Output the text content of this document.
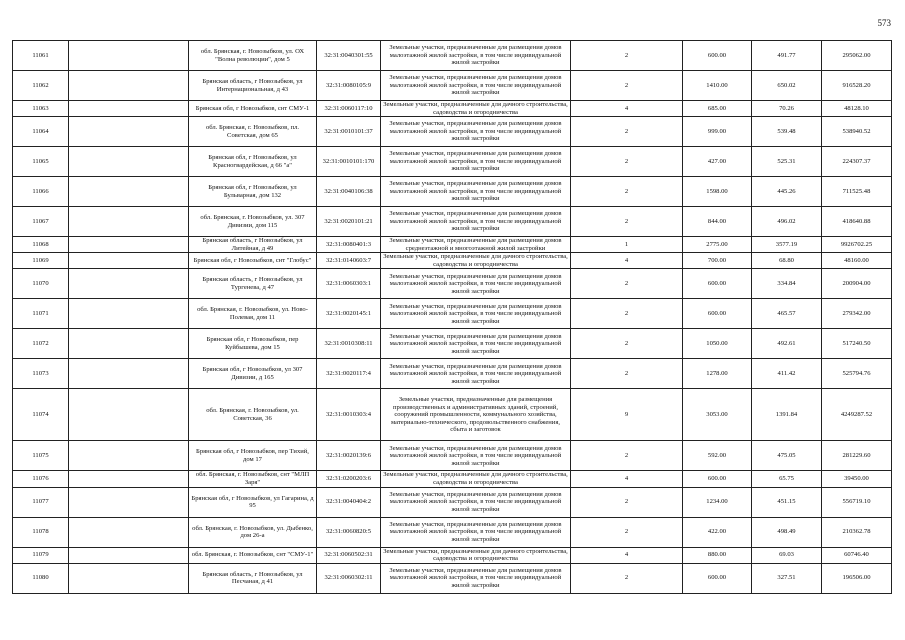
573
11061		обл. Брянская, г. Новозыбков, ул. ОХ "Волна революции", дом 5	32:31:0040301:55	Земельные участки, предназначенные для размещения домов малоэтажной жилой застройки, в том числе индивидуальной жилой застройки	2	600.00	491.77	295062.00
11062		Брянская область, г Новозыбков, ул Интернациональная, д 43	32:31:0080105:9	Земельные участки, предназначенные для размещения домов малоэтажной жилой застройки, в том числе индивидуальной жилой застройки	2	1410.00	650.02	916528.20
11063		Брянская обл, г Новозыбков, снт СМУ-1	32:31:0060117:10	Земельные участки, предназначенные для дачного строительства, садоводства и огородничества	4	685.00	70.26	48128.10
11064		обл. Брянская, г. Новозыбков, пл. Советская, дом 65	32:31:0010101:37	Земельные участки, предназначенные для размещения домов малоэтажной жилой застройки, в том числе индивидуальной жилой застройки	2	999.00	539.48	538940.52
11065		Брянская обл, г Новозыбков, ул Красногвардейская, д 66 "а"	32:31:0010101:170	Земельные участки, предназначенные для размещения домов малоэтажной жилой застройки, в том числе индивидуальной жилой застройки	2	427.00	525.31	224307.37
11066		Брянская обл, г Новозыбков, ул Бульварная, дом 132	32:31:0040106:38	Земельные участки, предназначенные для размещения домов малоэтажной жилой застройки, в том числе индивидуальной жилой застройки	2	1598.00	445.26	711525.48
11067		обл. Брянская, г. Новозыбков, ул. 307 Дивизии, дом 115	32:31:0020101:21	Земельные участки, предназначенные для размещения домов малоэтажной жилой застройки, в том числе индивидуальной жилой застройки	2	844.00	496.02	418640.88
11068		Брянская область, г Новозыбков, ул Литейная, д 49	32:31:0080401:3	Земельные участки, предназначенные для размещения домов среднеэтажной и многоэтажной жилой застройки	1	2775.00	3577.19	9926702.25
11069		Брянская обл, г Новозыбков, снт "Глобус"	32:31:0140603:7	Земельные участки, предназначенные для дачного строительства, садоводства и огородничества	4	700.00	68.80	48160.00
11070		Брянская область, г Новозыбков, ул Тургенева, д 47	32:31:0060303:1	Земельные участки, предназначенные для размещения домов малоэтажной жилой застройки, в том числе индивидуальной жилой застройки	2	600.00	334.84	200904.00
11071		обл. Брянская, г. Новозыбков, ул. Ново-Полевая, дом 11	32:31:0020145:1	Земельные участки, предназначенные для размещения домов малоэтажной жилой застройки, в том числе индивидуальной жилой застройки	2	600.00	465.57	279342.00
11072		Брянская обл, г Новозыбков, пер Куйбышева, дом 15	32:31:0010308:11	Земельные участки, предназначенные для размещения домов малоэтажной жилой застройки, в том числе индивидуальной жилой застройки	2	1050.00	492.61	517240.50
11073		Брянская обл, г Новозыбков, ул 307 Дивизии, д 165	32:31:0020117:4	Земельные участки, предназначенные для размещения домов малоэтажной жилой застройки, в том числе индивидуальной жилой застройки	2	1278.00	411.42	525794.76
11074		обл. Брянская, г. Новозыбков, ул. Советская, 36	32:31:0010303:4	Земельные участки, предназначенные для размещения производственных и административных зданий, строений, сооружений промышленности, коммунального хозяйства, материально-технического, продовольственного снабжения, сбыта и заготовок	9	3053.00	1391.84	4249287.52
11075		Брянская обл, г Новозыбков, пер Тихий, дом 17	32:31:0020139:6	Земельные участки, предназначенные для размещения домов малоэтажной жилой застройки, в том числе индивидуальной жилой застройки	2	592.00	475.05	281229.60
11076		обл. Брянская, г. Новозыбков, снт "МЛП Заря"	32:31:0200203:6	Земельные участки, предназначенные для дачного строительства, садоводства и огородничества	4	600.00	65.75	39450.00
11077		Брянская обл, г Новозыбков, ул Гагарина, д 95	32:31:0040404:2	Земельные участки, предназначенные для размещения домов малоэтажной жилой застройки, в том числе индивидуальной жилой застройки	2	1234.00	451.15	556719.10
11078		обл. Брянская, г. Новозыбков, ул. Дыбенко, дом 26-а	32:31:0060820:5	Земельные участки, предназначенные для размещения домов малоэтажной жилой застройки, в том числе индивидуальной жилой застройки	2	422.00	498.49	210362.78
11079		обл. Брянская, г. Новозыбков, снт "СМУ-1"	32:31:0060502:31	Земельные участки, предназначенные для дачного строительства, садоводства и огородничества	4	880.00	69.03	60746.40
11080		Брянская область, г Новозыбков, ул Песчаная, д 41	32:31:0060302:11	Земельные участки, предназначенные для размещения домов малоэтажной жилой застройки, в том числе индивидуальной жилой застройки	2	600.00	327.51	196506.00
